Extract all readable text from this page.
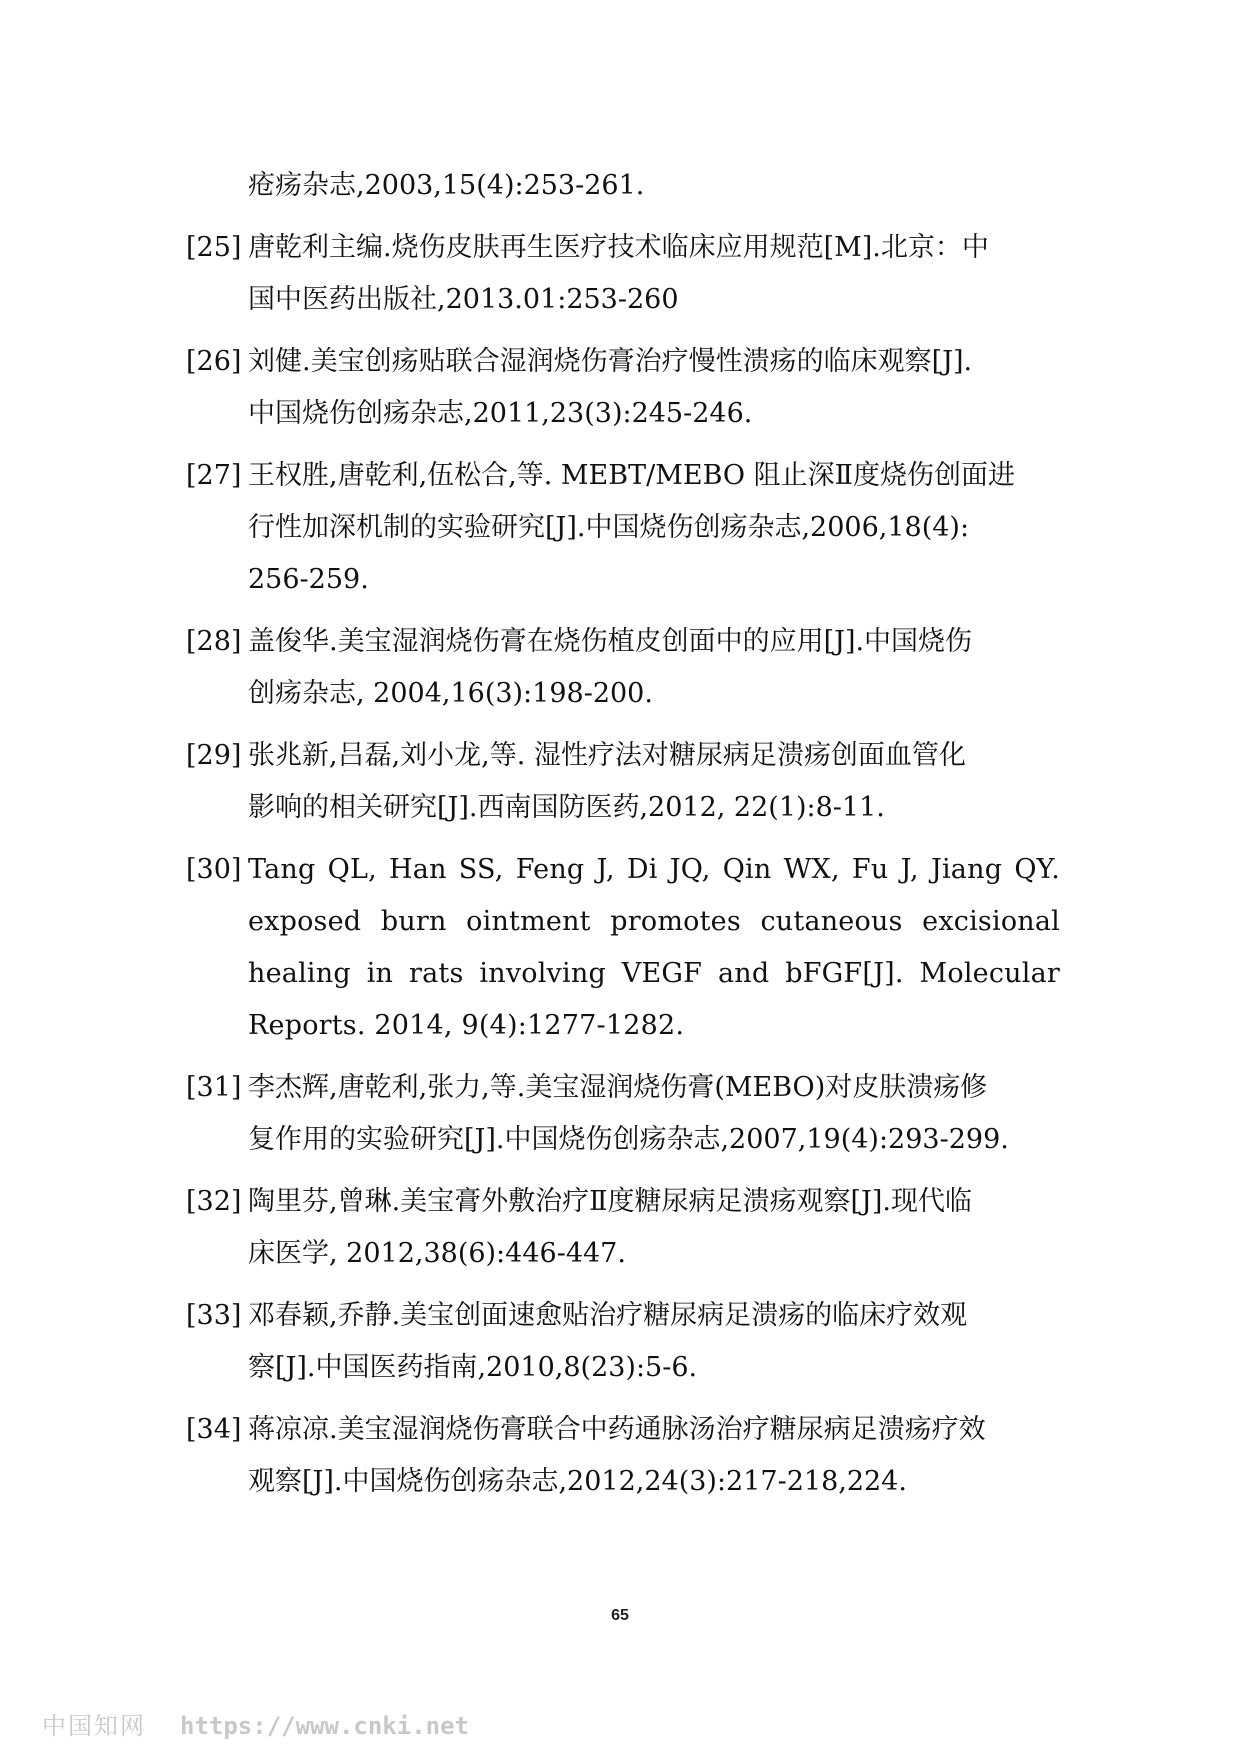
疮疡杂志,2003,15(4):253-261.
[25] 唐乾利主编.烧伤皮肤再生医疗技术临床应用规范[M].北京：中
国中医药出版社,2013.01:253-260
[26] 刘健.美宝创疡贴联合湿润烧伤膏治疗慢性溃疡的临床观察[J].
中国烧伤创疡杂志,2011,23(3):245-246.
[27] 王权胜,唐乾利,伍松合,等. MEBT/MEBO 阻止深Ⅱ度烧伤创面进
行性加深机制的实验研究[J].中国烧伤创疡杂志,2006,18(4):
256-259.
[28] 盖俊华.美宝湿润烧伤膏在烧伤植皮创面中的应用[J].中国烧伤
创疡杂志, 2004,16(3):198-200.
[29] 张兆新,吕磊,刘小龙,等. 湿性疗法对糖尿病足溃疡创面血管化
影响的相关研究[J].西南国防医药,2012, 22(1):8-11.
[30] Tang QL, Han SS, Feng J, Di JQ, Qin WX, Fu J, Jiang QY.
exposed burn ointment promotes cutaneous excisional
healing in rats involving VEGF and bFGF[J]. Molecular
Reports. 2014, 9(4):1277-1282.
[31] 李杰辉,唐乾利,张力,等.美宝湿润烧伤膏(MEBO)对皮肤溃疡修
复作用的实验研究[J].中国烧伤创疡杂志,2007,19(4):293-299.
[32] 陶里芬,曾琳.美宝膏外敷治疗Ⅱ度糖尿病足溃疡观察[J].现代临
床医学, 2012,38(6):446-447.
[33] 邓春颖,乔静.美宝创面速愈贴治疗糖尿病足溃疡的临床疗效观
察[J].中国医药指南,2010,8(23):5-6.
[34] 蒋凉凉.美宝湿润烧伤膏联合中药通脉汤治疗糖尿病足溃疡疗效
观察[J].中国烧伤创疡杂志,2012,24(3):217-218,224.
65
中国知网 https://www.cnki.net
